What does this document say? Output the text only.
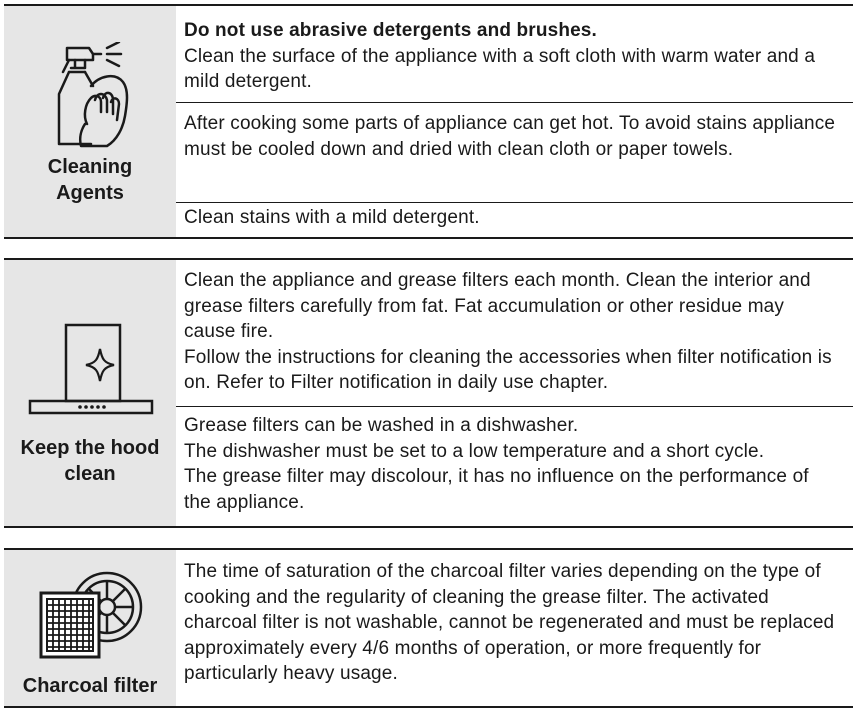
Cleaning Agents

Do not use abrasive detergents and brushes.

Clean the surface of the appliance with a soft cloth with warm water and a mild detergent.

After cooking some parts of appliance can get hot. To avoid stains appliance must be cooled down and dried with clean cloth or paper towels.

Clean stains with a mild detergent.

Keep the hood clean

Clean the appliance and grease filters each month. Clean the interior and grease filters carefully from fat. Fat accumulation or other residue may cause fire.

Follow the instructions for cleaning the accessories when filter notification is on. Refer to Filter notification in daily use chapter.

Grease filters can be washed in a dishwasher.

The dishwasher must be set to a low temperature and a short cycle.

The grease filter may discolour, it has no influence on the performance of the appliance.

Charcoal filter

The time of saturation of the charcoal filter varies depending on the type of cooking and the regularity of cleaning the grease filter. The activated charcoal filter is not washable, cannot be regenerated and must be replaced approximately every 4/6 months of operation, or more frequently for particularly heavy usage.
